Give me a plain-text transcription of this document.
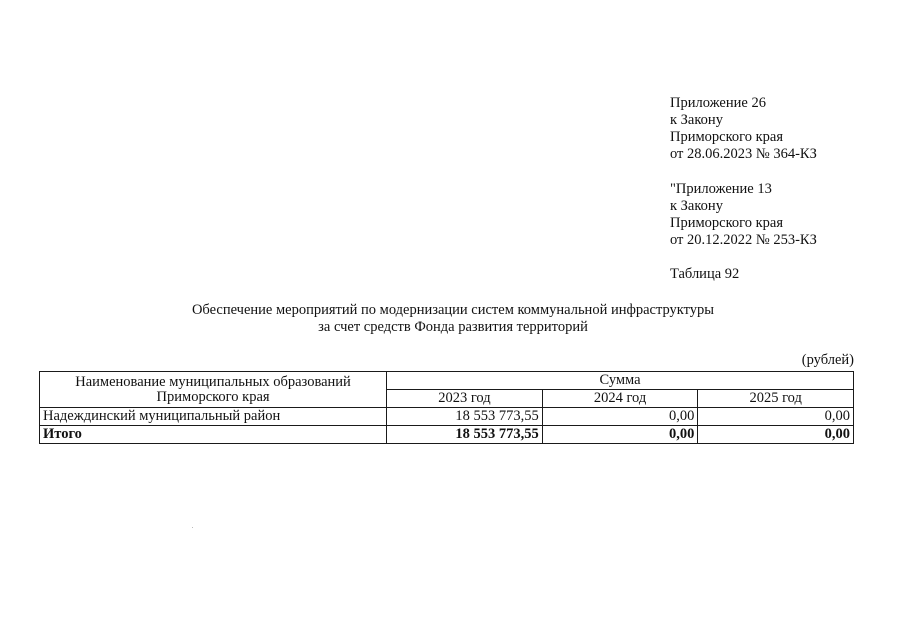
Приложение 26
к Закону
Приморского края
от 28.06.2023 № 364-КЗ
"Приложение 13
к Закону
Приморского края
от 20.12.2022 № 253-КЗ
Таблица 92
Обеспечение мероприятий по модернизации систем коммунальной инфраструктуры
за счет средств Фонда развития территорий
(рублей)
Наименование муниципальных образований
Приморского края	Сумма		
	2023 год	2024 год	2025 год
Надеждинский муниципальный район	18 553 773,55	0,00	0,00
Итого	18 553 773,55	0,00	0,00
